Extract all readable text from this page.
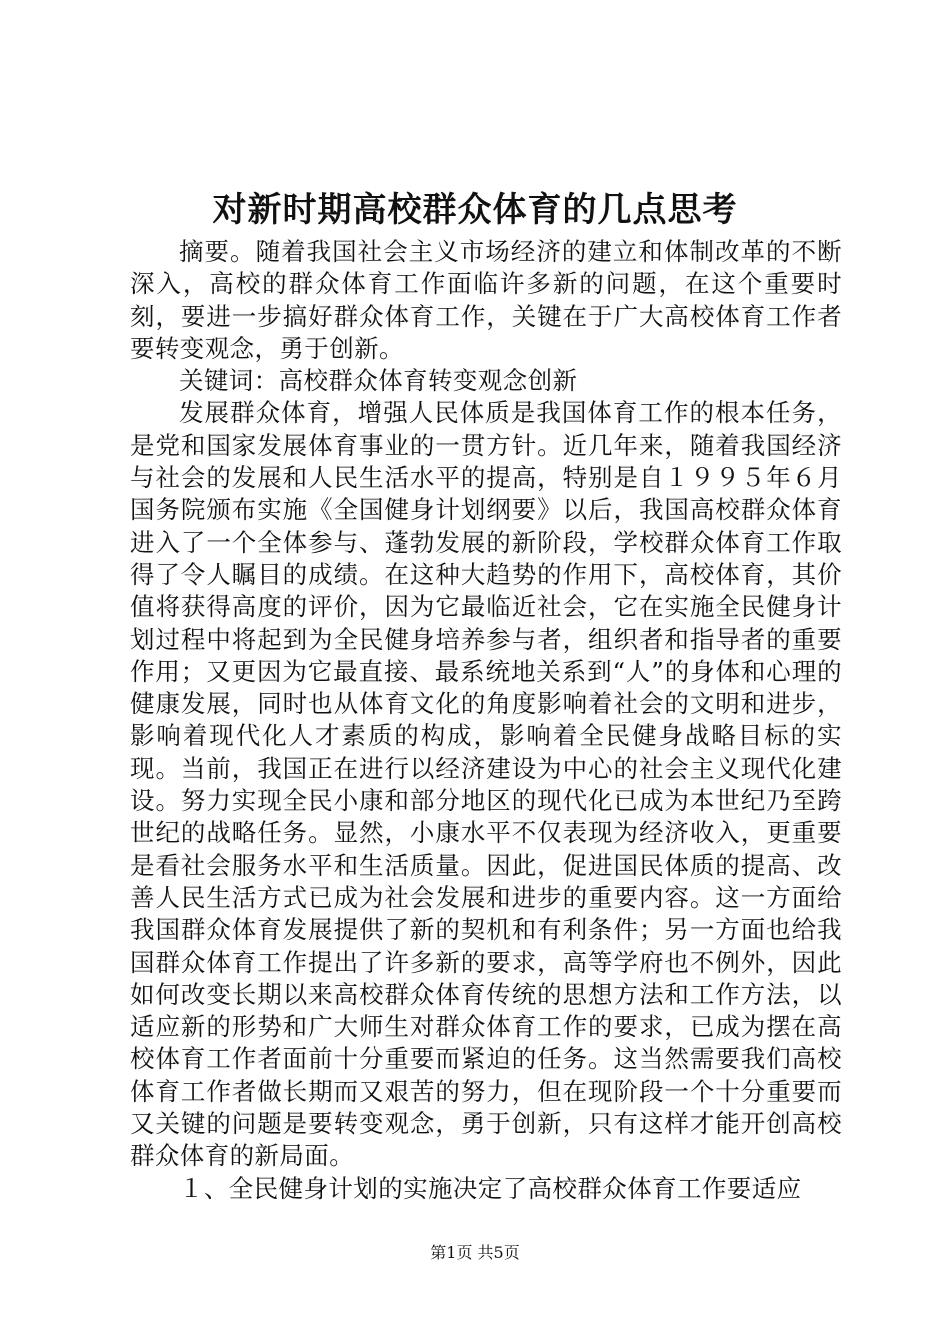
对新时期高校群众体育的几点思考

摘要。随着我国社会主义市场经济的建立和体制改革的不断深入，高校的群众体育工作面临许多新的问题，在这个重要时刻，要进一步搞好群众体育工作，关键在于广大高校体育工作者要转变观念，勇于创新。

关键词：高校群众体育转变观念创新

发展群众体育，增强人民体质是我国体育工作的根本任务，是党和国家发展体育事业的一贯方针。近几年来，随着我国经济与社会的发展和人民生活水平的提高，特别是自１９９５年６月国务院颁布实施《全国健身计划纲要》以后，我国高校群众体育进入了一个全体参与、蓬勃发展的新阶段，学校群众体育工作取得了令人瞩目的成绩。在这种大趋势的作用下，高校体育，其价值将获得高度的评价，因为它最临近社会，它在实施全民健身计划过程中将起到为全民健身培养参与者，组织者和指导者的重要作用；又更因为它最直接、最系统地关系到“人”的身体和心理的健康发展，同时也从体育文化的角度影响着社会的文明和进步，影响着现代化人才素质的构成，影响着全民健身战略目标的实现。当前，我国正在进行以经济建设为中心的社会主义现代化建设。努力实现全民小康和部分地区的现代化已成为本世纪乃至跨世纪的战略任务。显然，小康水平不仅表现为经济收入，更重要是看社会服务水平和生活质量。因此，促进国民体质的提高、改善人民生活方式已成为社会发展和进步的重要内容。这一方面给我国群众体育发展提供了新的契机和有利条件；另一方面也给我国群众体育工作提出了许多新的要求，高等学府也不例外，因此如何改变长期以来高校群众体育传统的思想方法和工作方法，以适应新的形势和广大师生对群众体育工作的要求，已成为摆在高校体育工作者面前十分重要而紧迫的任务。这当然需要我们高校体育工作者做长期而又艰苦的努力，但在现阶段一个十分重要而又关键的问题是要转变观念，勇于创新，只有这样才能开创高校群众体育的新局面。

１、全民健身计划的实施决定了高校群众体育工作要适应

第1页 共5页
